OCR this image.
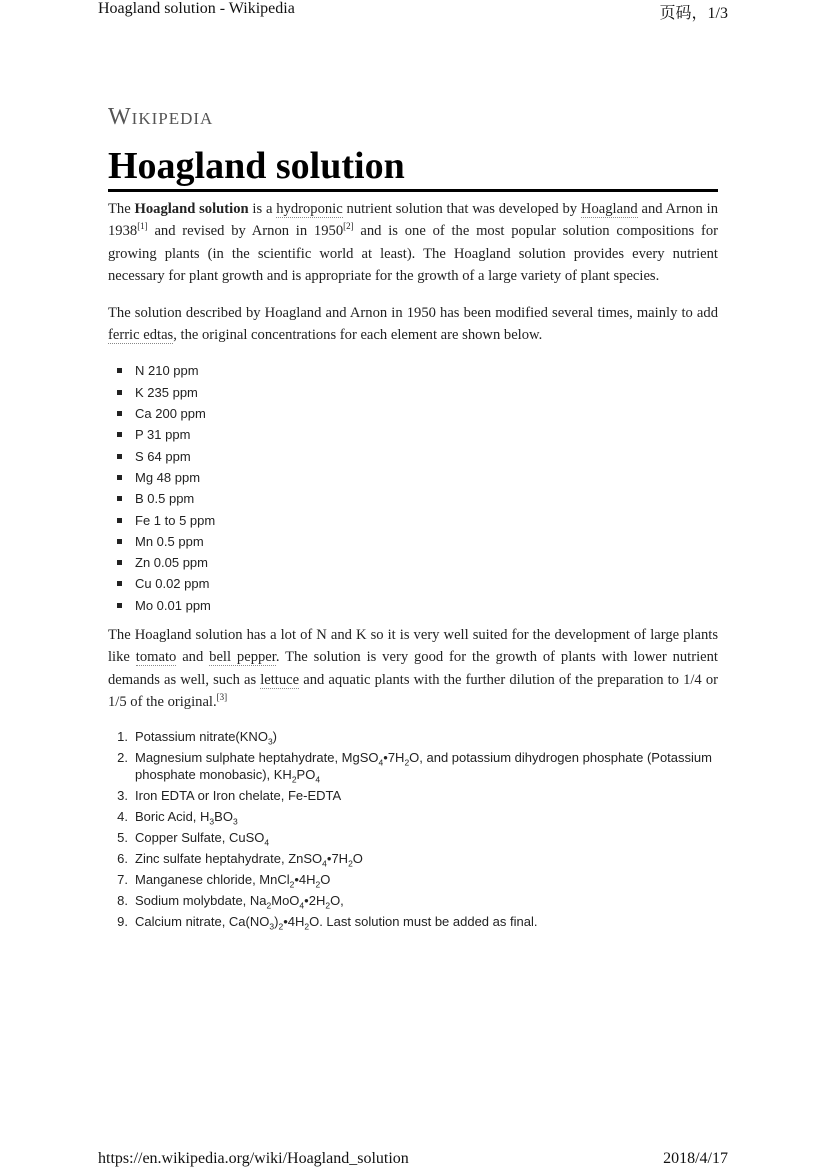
Hoagland solution - Wikipedia	页码，1/3
Wikipedia
Hoagland solution

The Hoagland solution is a hydroponic nutrient solution that was developed by Hoagland and Arnon in 1938[1] and revised by Arnon in 1950[2] and is one of the most popular solution compositions for growing plants (in the scientific world at least). The Hoagland solution provides every nutrient necessary for plant growth and is appropriate for the growth of a large variety of plant species.

The solution described by Hoagland and Arnon in 1950 has been modified several times, mainly to add ferric edtas, the original concentrations for each element are shown below.

N 210 ppm
K 235 ppm
Ca 200 ppm
P 31 ppm
S 64 ppm
Mg 48 ppm
B 0.5 ppm
Fe 1 to 5 ppm
Mn 0.5 ppm
Zn 0.05 ppm
Cu 0.02 ppm
Mo 0.01 ppm

The Hoagland solution has a lot of N and K so it is very well suited for the development of large plants like tomato and bell pepper. The solution is very good for the growth of plants with lower nutrient demands as well, such as lettuce and aquatic plants with the further dilution of the preparation to 1/4 or 1/5 of the original.[3]

1. Potassium $nitrate(KNO_3)$
2. Magnesium sulphate heptahydrate, $MgSO_4•7H_2O$, and potassium dihydrogen phosphate (Potassium phosphate monobasic), $KH_2PO_4$
3. Iron EDTA or Iron chelate, Fe-EDTA
4. Boric Acid, $H_3BO_3$
5. Copper Sulfate, CuSO$_4$
6. Zinc sulfate heptahydrate, $ZnSO_4•7H_2O$
7. Manganese chloride, $MnCl_2•4H_2O$
8. Sodium molybdate, $Na_2MoO_4•2H_2O$,
9. Calcium nitrate, $Ca(NO_3)_2•4H_2O$. Last solution must be added as final.
https://en.wikipedia.org/wiki/Hoagland_solution	2018/4/17
